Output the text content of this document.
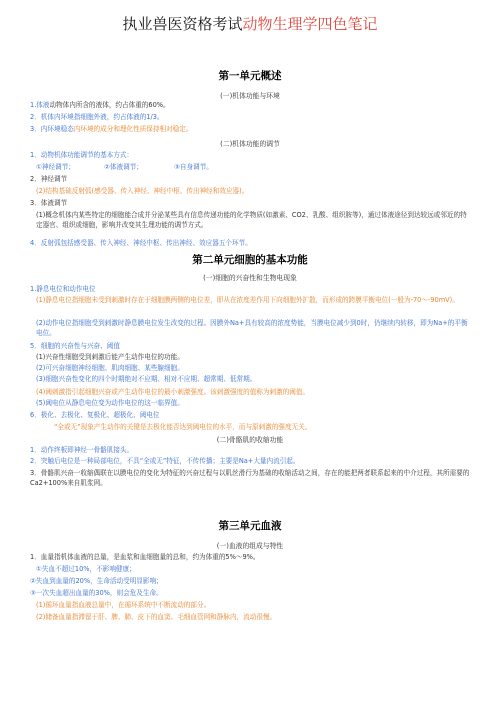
执业兽医资格考试动物生理学四色笔记
第一单元概述
(一)机体功能与环境
1.体液动物体内所含的液体，约占体重的60%。
2．机体内环境指细胞外液，约占体液的1/3。
3．内环境稳态内环境的成分和理化性质保持相对稳定。
(二)机体功能的调节
1．动物机体功能调节的基本方式：
①神经调节；	②体液调节；	③自身调节。
2．神经调节
(2)结构基础反射弧(感受器、传入神经、神经中枢、传出神经和效应器)。
3．体液调节
(1)概念机体内某些特定的细胞能合成并分泌某些具有信息传递功能的化学物质(如激素、CO2、乳酸、组织胺等)，通过体液途径到达较远或邻近的特定器官、组织或细胞，影响并改变其生理功能的调节方式。
4．反射弧包括感受器、传入神经、神经中枢、传出神经、效应器五个环节。
第二单元细胞的基本功能
(一)细胞的兴奋性和生物电现象
1.静息电位和动作电位
(1)静息电位指细胞未受到刺激时存在于细胞膜两侧的电位差，即从在浓度差作用下向细胞外扩散，而形成的跨膜平衡电位(一般为-70～-90mV)。
(2)动作电位指细胞受到刺激时静息膜电位发生改变的过程。因膜外Na+具有较高的浓度势能，当膜电位减少到0时，仍继续内转移，即为Na+的平衡电位。
5．细胞的兴奋性与兴奋、阈值
(1)兴奋性细胞受到刺激后能产生动作电位的功能。
(2)可兴奋细胞神经细胞、肌肉细胞、某些腺细胞。
(3)细胞兴奋性变化的四个时期绝对不应期、相对不应期、超常期、低常期。
(4)阈刺激指引起细胞兴奋或产生动作电位的最小刺激强度。该刺激强度的值称为刺激的阈值。
(5)阈电位从静息电位变为动作电位的这一临界值。
6．极化、去极化、复极化、超极化、阈电位
“全或无”现象产生动作的关键是去极化能否达到阈电位的水平，而与原刺激的强度无关。
(二)骨骼肌的收缩功能
1．动作终板即神经一骨骼肌接头。
2．突触后电位是一种局部电位，不具“全或无”特征，不传传播；主要是Na+大量内流引起。
3．骨骼肌兴奋一收缩偶联在以膜电位的变化为特征的兴奋过程与以肌丝滑行为基础的收缩活动之间，存在的能把两者联系起来的中介过程，其所需要的Ca2+100%来自肌浆网。
第三单元血液
(一)血液的组成与特性
1．血量指机体血液的总量，是血浆和血细胞量的总和，约为体重的5%～9%。
①失血不超过10%，不影响健康；
②失血到血量的20%，生命活动受明显影响；
③一次失血超出血量的30%，则会危及生命。
(1)循环血量指血液总量中，在循环系统中不断流动的部分。
(2)储备血量指滞留于肝、脾、肺、皮下的血窦、毛细血管网和静脉内，流动很慢。
